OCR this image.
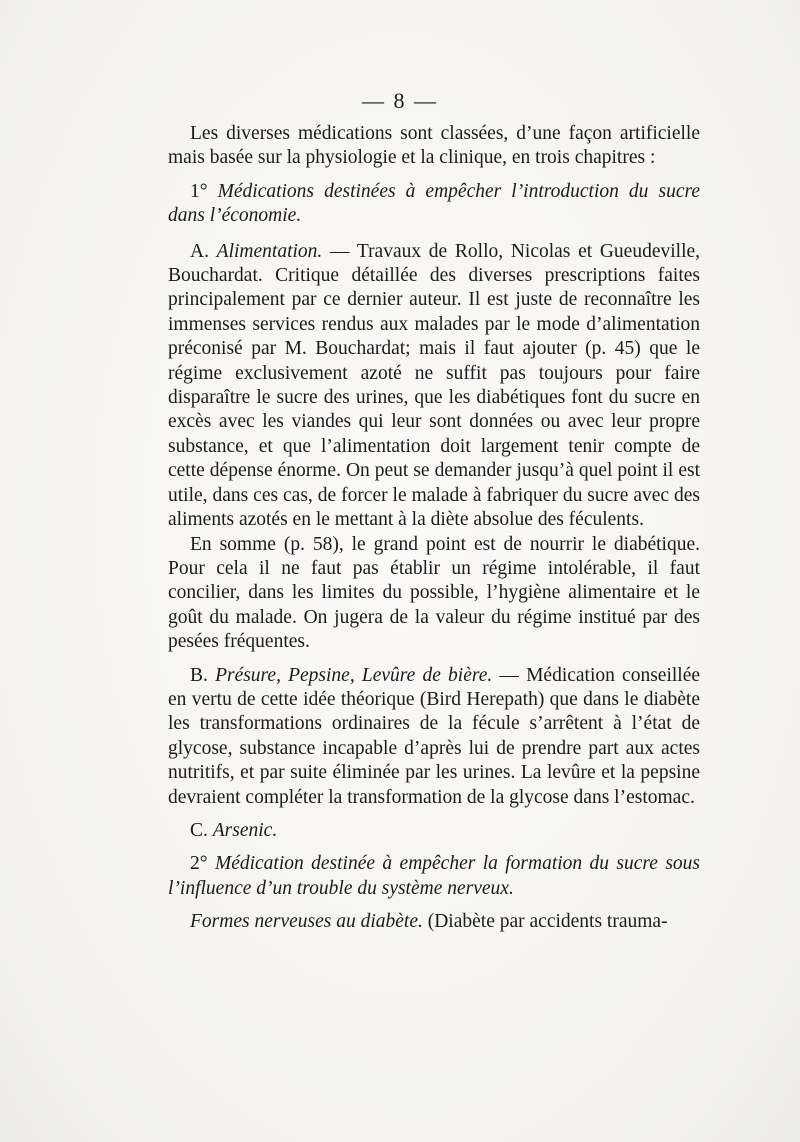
— 8 —

Les diverses médications sont classées, d’une façon artificielle mais basée sur la physiologie et la clinique, en trois chapitres :

1° Médications destinées à empêcher l’introduction du sucre dans l’économie.

A. Alimentation. — Travaux de Rollo, Nicolas et Gueudeville, Bouchardat. Critique détaillée des diverses prescriptions faites principalement par ce dernier auteur. Il est juste de reconnaître les immenses services rendus aux malades par le mode d’alimentation préconisé par M. Bouchardat; mais il faut ajouter (p. 45) que le régime exclusivement azoté ne suffit pas toujours pour faire disparaître le sucre des urines, que les diabétiques font du sucre en excès avec les viandes qui leur sont données ou avec leur propre substance, et que l’alimentation doit largement tenir compte de cette dépense énorme. On peut se demander jusqu’à quel point il est utile, dans ces cas, de forcer le malade à fabriquer du sucre avec des aliments azotés en le mettant à la diète absolue des féculents.

En somme (p. 58), le grand point est de nourrir le diabétique. Pour cela il ne faut pas établir un régime intolérable, il faut concilier, dans les limites du possible, l’hygiène alimentaire et le goût du malade. On jugera de la valeur du régime institué par des pesées fréquentes.

B. Présure, Pepsine, Levûre de bière. — Médication conseillée en vertu de cette idée théorique (Bird Herepath) que dans le diabète les transformations ordinaires de la fécule s’arrêtent à l’état de glycose, substance incapable d’après lui de prendre part aux actes nutritifs, et par suite éliminée par les urines. La levûre et la pepsine devraient compléter la transformation de la glycose dans l’estomac.

C. Arsenic.

2° Médication destinée à empêcher la formation du sucre sous l’influence d’un trouble du système nerveux.

Formes nerveuses au diabète. (Diabète par accidents trauma-
